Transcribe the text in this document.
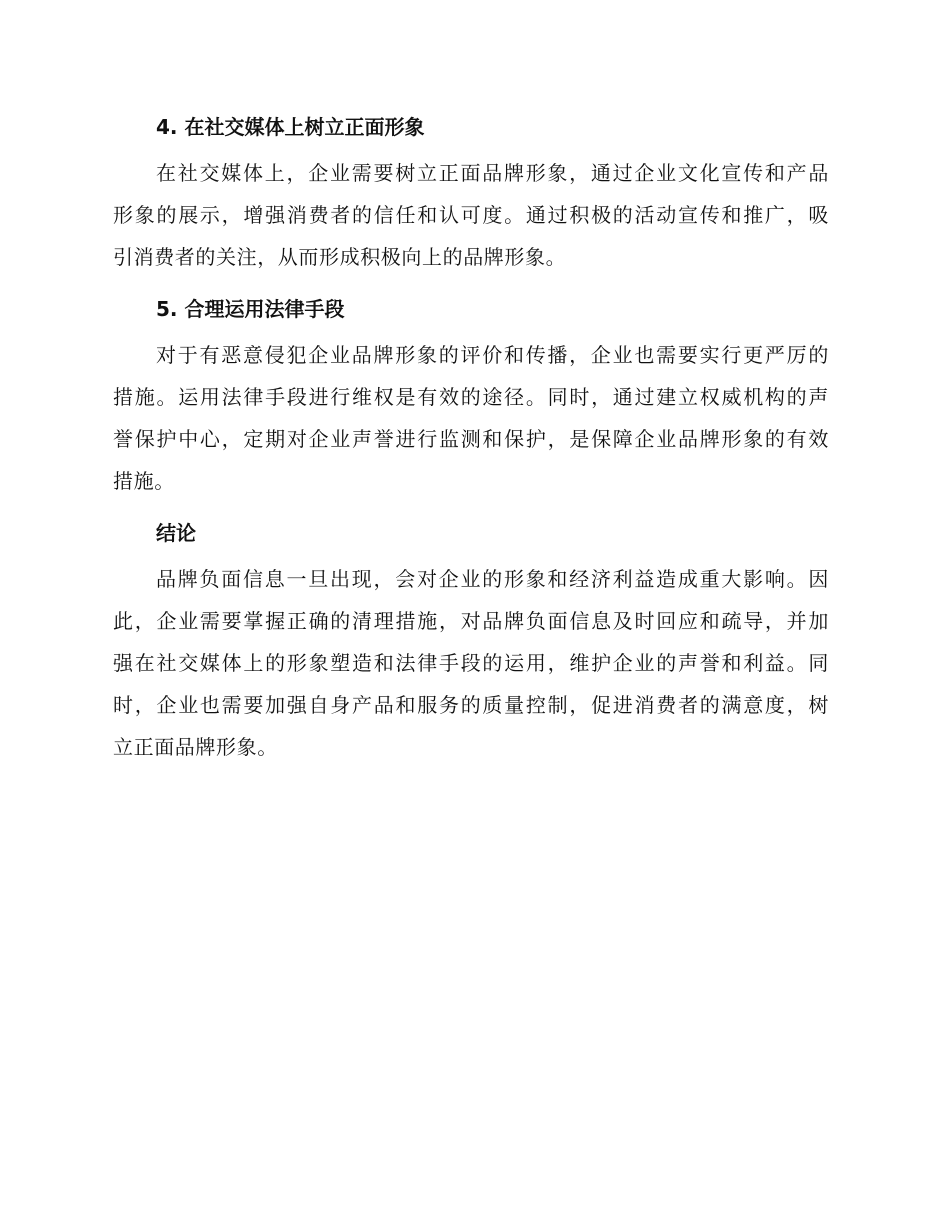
4. 在社交媒体上树立正面形象
在社交媒体上，企业需要树立正面品牌形象，通过企业文化宣传和产品
形象的展示，增强消费者的信任和认可度。通过积极的活动宣传和推广，吸
引消费者的关注，从而形成积极向上的品牌形象。
5. 合理运用法律手段
对于有恶意侵犯企业品牌形象的评价和传播，企业也需要实行更严厉的
措施。运用法律手段进行维权是有效的途径。同时，通过建立权威机构的声
誉保护中心，定期对企业声誉进行监测和保护，是保障企业品牌形象的有效
措施。
结论
品牌负面信息一旦出现，会对企业的形象和经济利益造成重大影响。因
此，企业需要掌握正确的清理措施，对品牌负面信息及时回应和疏导，并加
强在社交媒体上的形象塑造和法律手段的运用，维护企业的声誉和利益。同
时，企业也需要加强自身产品和服务的质量控制，促进消费者的满意度，树
立正面品牌形象。
